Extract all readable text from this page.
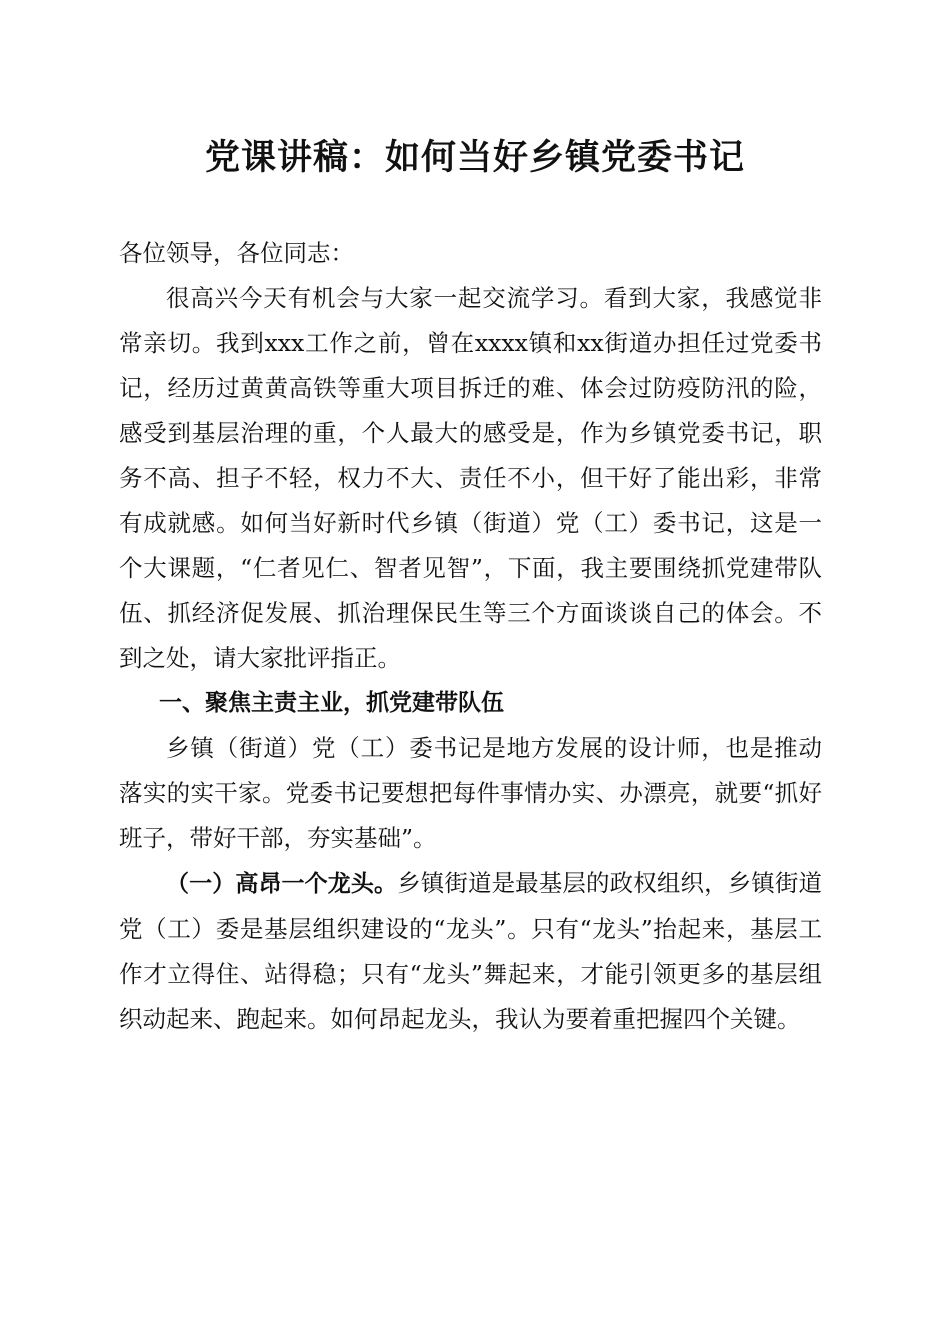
党课讲稿：如何当好乡镇党委书记

各位领导，各位同志：

很高兴今天有机会与大家一起交流学习。看到大家，我感觉非常亲切。我到xxx工作之前，曾在xxxx镇和xx街道办担任过党委书记，经历过黄黄高铁等重大项目拆迁的难、体会过防疫防汛的险，感受到基层治理的重，个人最大的感受是，作为乡镇党委书记，职务不高、担子不轻，权力不大、责任不小，但干好了能出彩，非常有成就感。如何当好新时代乡镇（街道）党（工）委书记，这是一个大课题，“仁者见仁、智者见智”，下面，我主要围绕抓党建带队伍、抓经济促发展、抓治理保民生等三个方面谈谈自己的体会。不到之处，请大家批评指正。

一、聚焦主责主业，抓党建带队伍

乡镇（街道）党（工）委书记是地方发展的设计师，也是推动落实的实干家。党委书记要想把每件事情办实、办漂亮，就要“抓好班子，带好干部，夯实基础”。

（一）高昂一个龙头。乡镇街道是最基层的政权组织，乡镇街道党（工）委是基层组织建设的“龙头”。只有“龙头”抬起来，基层工作才立得住、站得稳；只有“龙头”舞起来，才能引领更多的基层组织动起来、跑起来。如何昂起龙头，我认为要着重把握四个关键。
